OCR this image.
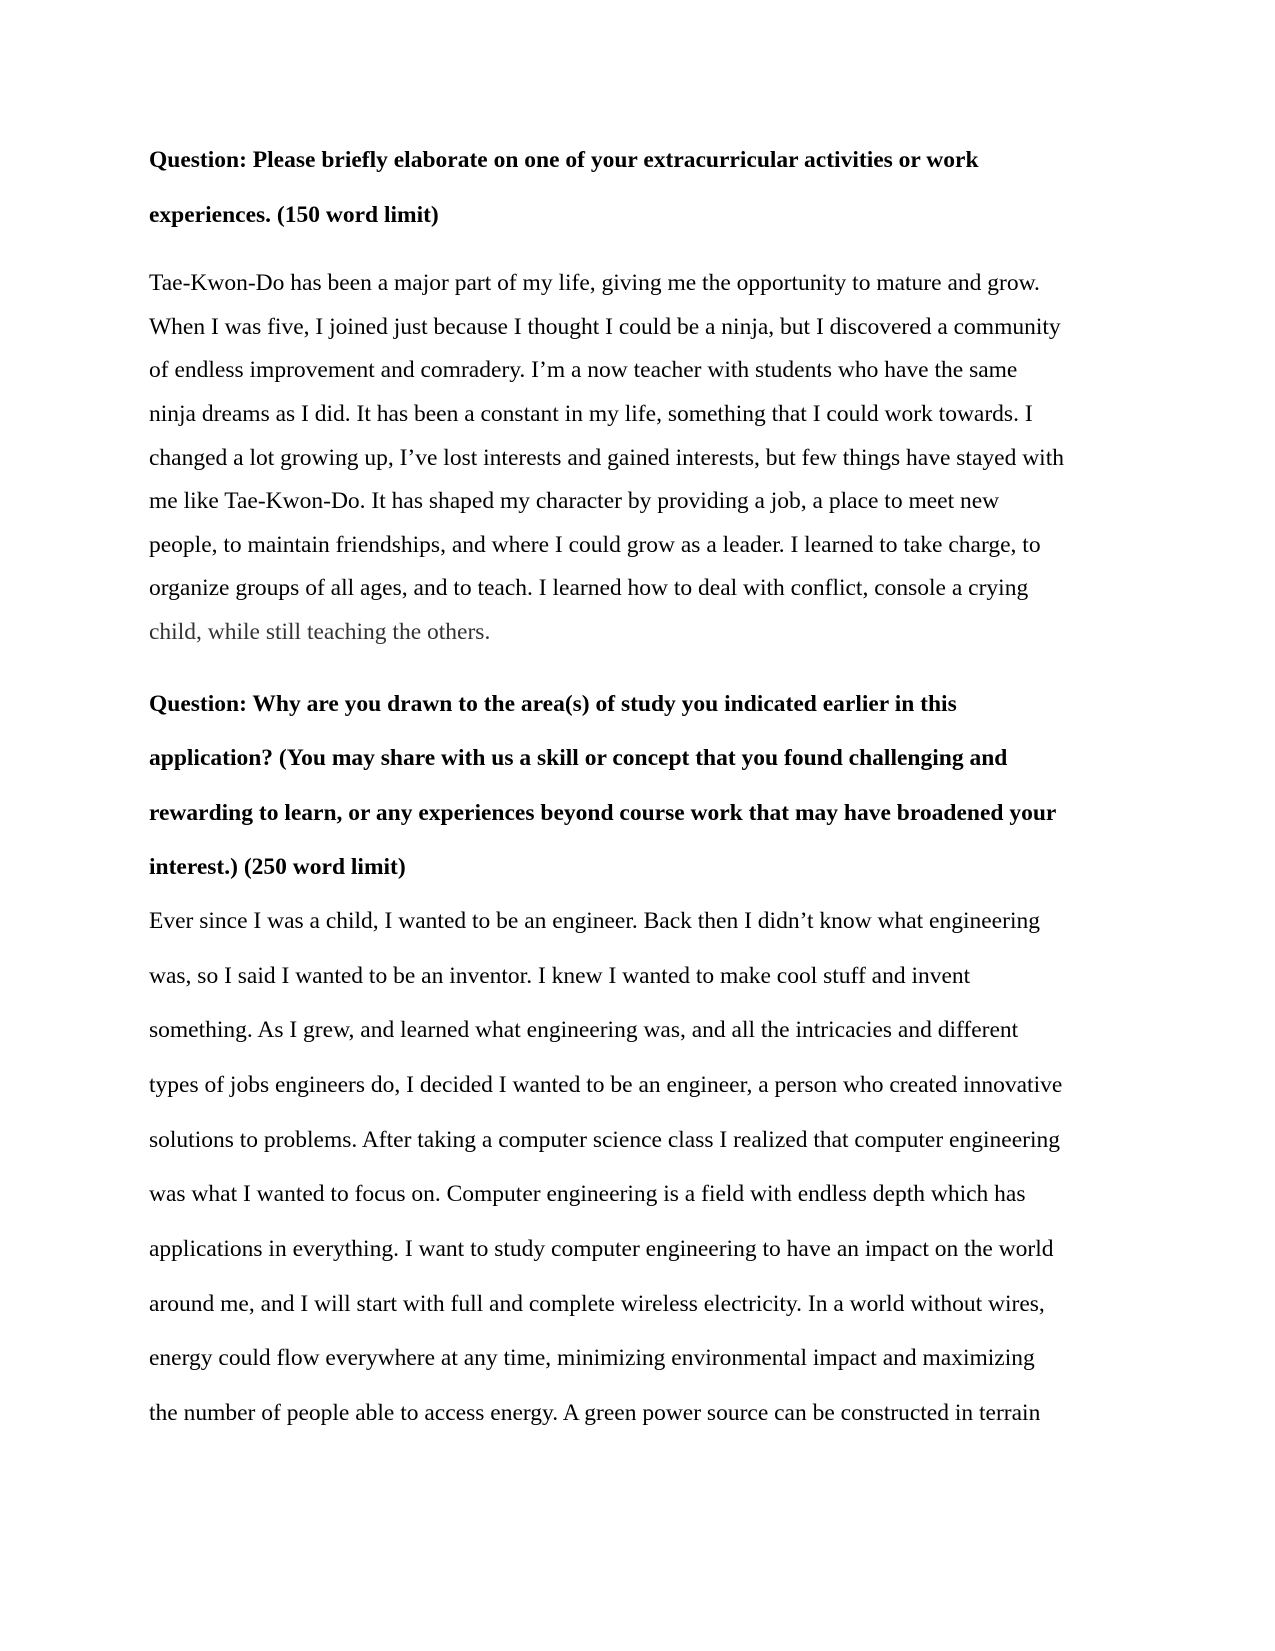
Question: Please briefly elaborate on one of your extracurricular activities or work
experiences. (150 word limit)
Tae-Kwon-Do has been a major part of my life, giving me the opportunity to mature and grow.
When I was five, I joined just because I thought I could be a ninja, but I discovered a community
of endless improvement and comradery. I’m a now teacher with students who have the same
ninja dreams as I did. It has been a constant in my life, something that I could work towards. I
changed a lot growing up, I’ve lost interests and gained interests, but few things have stayed with
me like Tae-Kwon-Do. It has shaped my character by providing a job, a place to meet new
people, to maintain friendships, and where I could grow as a leader. I learned to take charge, to
organize groups of all ages, and to teach. I learned how to deal with conflict, console a crying
child, while still teaching the others.
Question: Why are you drawn to the area(s) of study you indicated earlier in this
application? (You may share with us a skill or concept that you found challenging and
rewarding to learn, or any experiences beyond course work that may have broadened your
interest.) (250 word limit)
Ever since I was a child, I wanted to be an engineer. Back then I didn’t know what engineering
was, so I said I wanted to be an inventor. I knew I wanted to make cool stuff and invent
something. As I grew, and learned what engineering was, and all the intricacies and different
types of jobs engineers do, I decided I wanted to be an engineer, a person who created innovative
solutions to problems. After taking a computer science class I realized that computer engineering
was what I wanted to focus on. Computer engineering is a field with endless depth which has
applications in everything. I want to study computer engineering to have an impact on the world
around me, and I will start with full and complete wireless electricity. In a world without wires,
energy could flow everywhere at any time, minimizing environmental impact and maximizing
the number of people able to access energy. A green power source can be constructed in terrain
